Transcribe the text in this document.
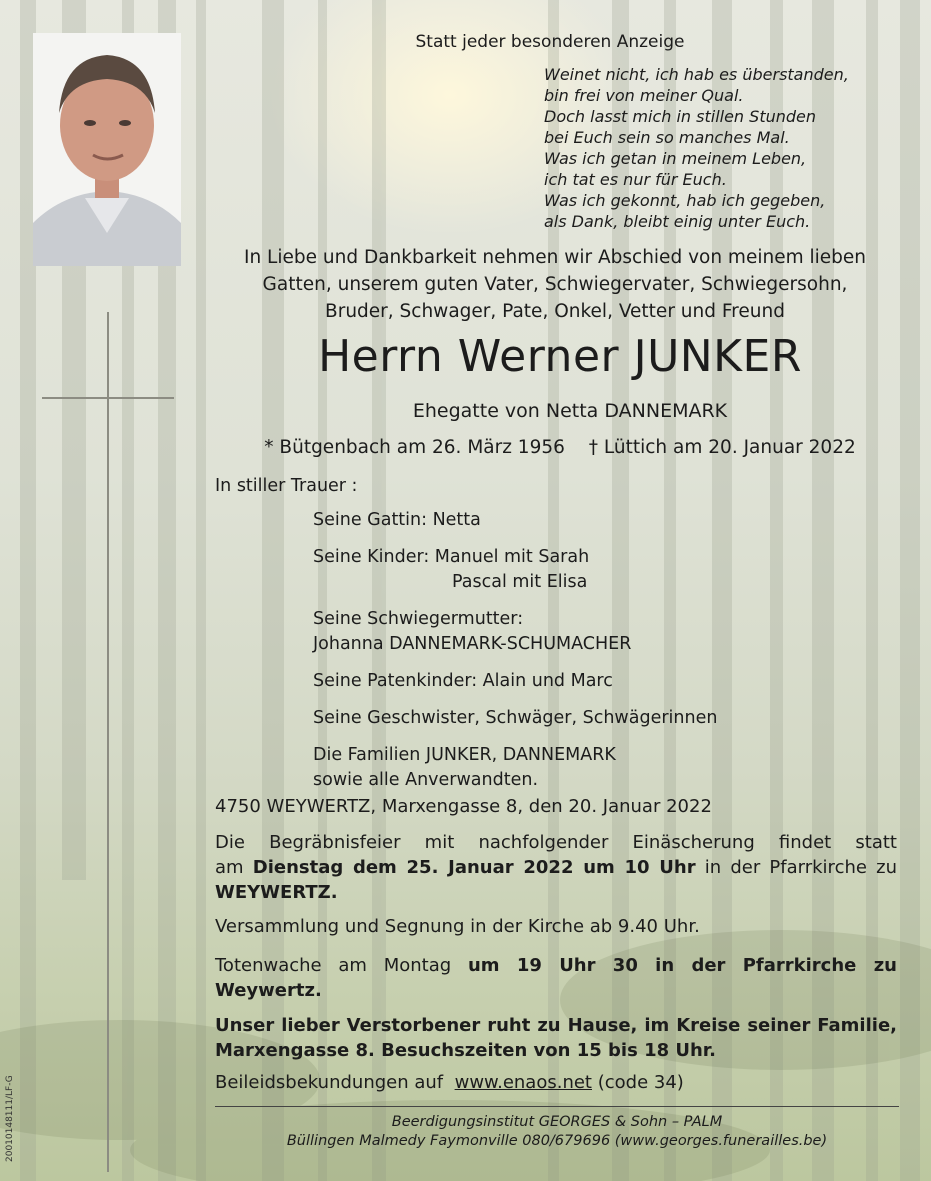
Statt jeder besonderen Anzeige
Weinet nicht, ich hab es überstanden,
bin frei von meiner Qual.
Doch lasst mich in stillen Stunden
bei Euch sein so manches Mal.
Was ich getan in meinem Leben,
ich tat es nur für Euch.
Was ich gekonnt, hab ich gegeben,
als Dank, bleibt einig unter Euch.
In Liebe und Dankbarkeit nehmen wir Abschied von meinem lieben
Gatten, unserem guten Vater, Schwiegervater, Schwiegersohn,
Bruder, Schwager, Pate, Onkel, Vetter und Freund
Herrn Werner JUNKER
Ehegatte von Netta DANNEMARK
* Bütgenbach am 26. März 1956 † Lüttich am 20. Januar 2022
In stiller Trauer :
Seine Gattin: Netta
Seine Kinder: Manuel mit Sarah
Pascal mit Elisa
Seine Schwiegermutter:
Johanna DANNEMARK-SCHUMACHER
Seine Patenkinder: Alain und Marc
Seine Geschwister, Schwäger, Schwägerinnen
Die Familien JUNKER, DANNEMARK
sowie alle Anverwandten.
4750 WEYWERTZ, Marxengasse 8, den 20. Januar 2022
Die Begräbnisfeier mit nachfolgender Einäscherung findet statt
am Dienstag dem 25. Januar 2022 um 10 Uhr in der Pfarrkirche zu
WEYWERTZ.
Versammlung und Segnung in der Kirche ab 9.40 Uhr.
Totenwache am Montag um 19 Uhr 30 in der Pfarrkirche zu
Weywertz.
Unser lieber Verstorbener ruht zu Hause, im Kreise seiner Familie,
Marxengasse 8. Besuchszeiten von 15 bis 18 Uhr.
Beileidsbekundungen auf www.enaos.net (code 34)
Beerdigungsinstitut GEORGES & Sohn – PALM
Büllingen Malmedy Faymonville 080/679696 (www.georges.funerailles.be)
20010148111/LF-G
